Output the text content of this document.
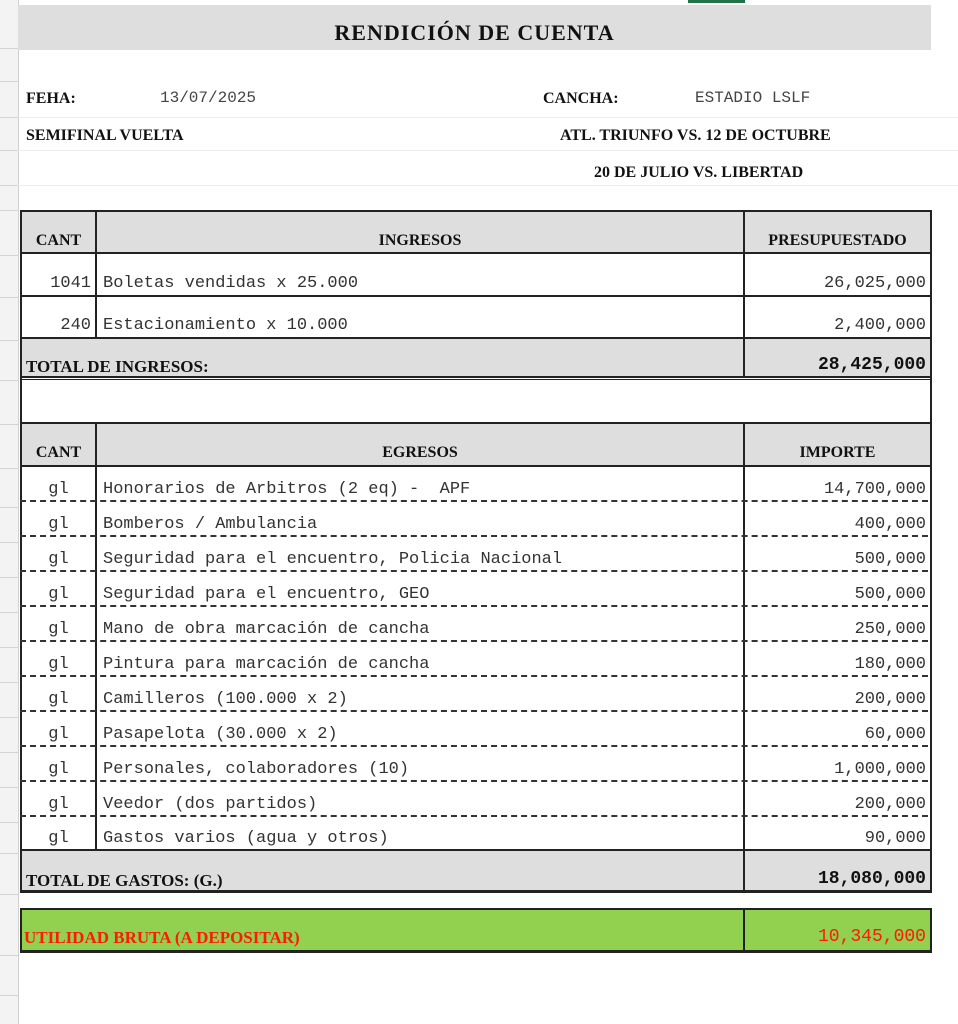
RENDICIÓN DE CUENTA
FEHA:	13/07/2025	CANCHA:	ESTADIO LSLF
SEMIFINAL VUELTA	ATL. TRIUNFO VS. 12 DE OCTUBRE
20 DE JULIO VS. LIBERTAD
CANT	INGRESOS	PRESUPUESTADO
1041 Boletas vendidas x 25.000	26,025,000
240 Estacionamiento x 10.000	2,400,000
TOTAL DE INGRESOS:	28,425,000
CANT	EGRESOS	IMPORTE
gl	Honorarios de Arbitros (2 eq) -  APF	14,700,000
gl	Bomberos / Ambulancia	400,000
gl	Seguridad para el encuentro, Policia Nacional	500,000
gl	Seguridad para el encuentro, GEO	500,000
gl	Mano de obra marcación de cancha	250,000
gl	Pintura para marcación de cancha	180,000
gl	Camilleros (100.000 x 2)	200,000
gl	Pasapelota (30.000 x 2)	60,000
gl	Personales, colaboradores (10)	1,000,000
gl	Veedor (dos partidos)	200,000
gl	Gastos varios (agua y otros)	90,000
TOTAL DE GASTOS: (G.)	18,080,000
UTILIDAD BRUTA (A DEPOSITAR)	10,345,000
